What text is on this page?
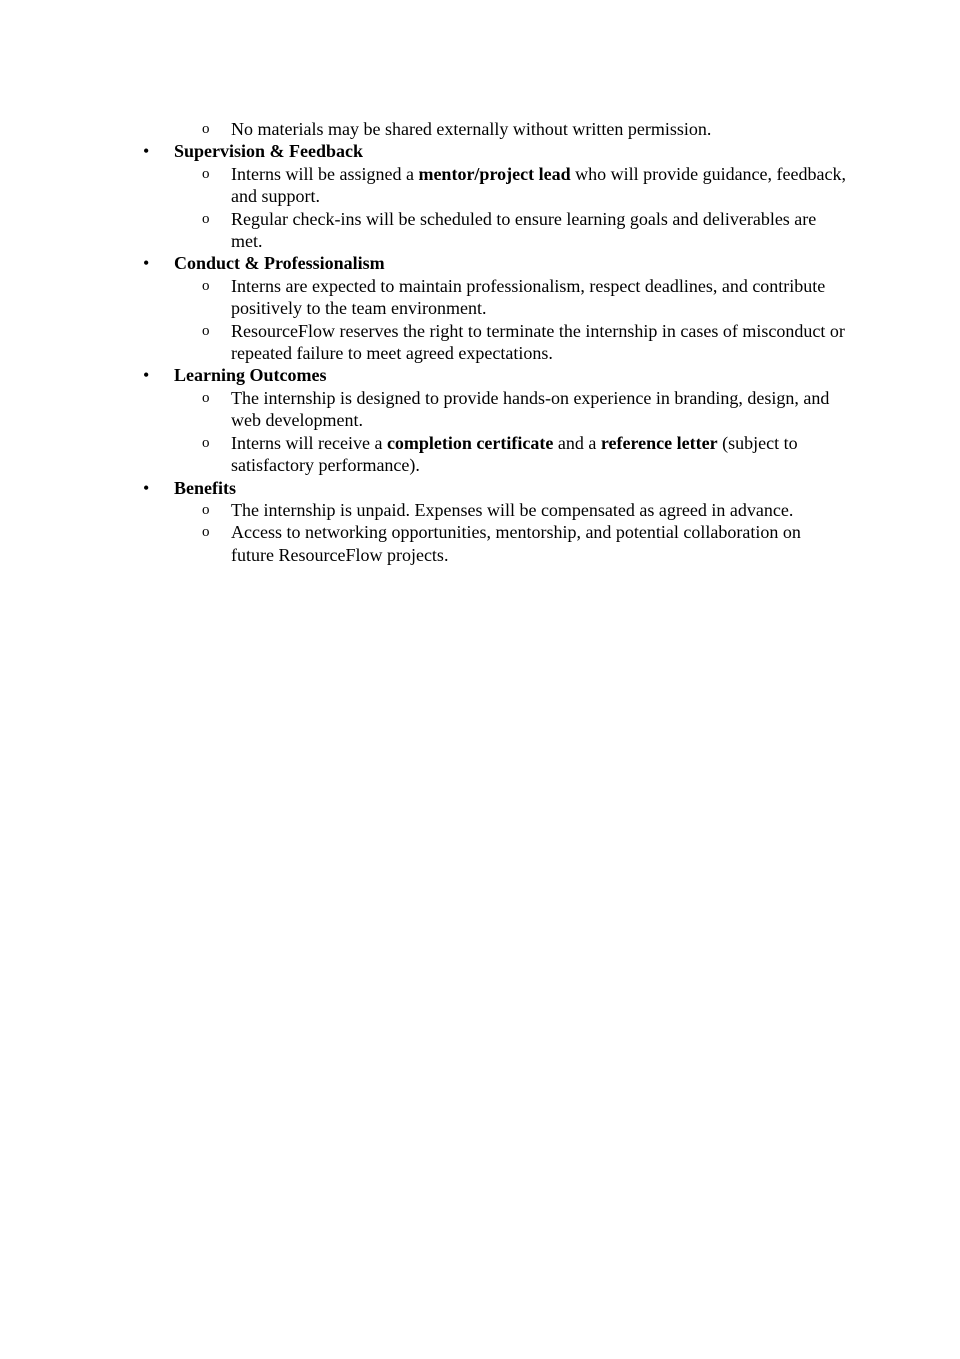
o No materials may be shared externally without written permission.
• Supervision & Feedback
o Interns will be assigned a mentor/project lead who will provide guidance, feedback, and support.
o Regular check-ins will be scheduled to ensure learning goals and deliverables are met.
• Conduct & Professionalism
o Interns are expected to maintain professionalism, respect deadlines, and contribute positively to the team environment.
o ResourceFlow reserves the right to terminate the internship in cases of misconduct or repeated failure to meet agreed expectations.
• Learning Outcomes
o The internship is designed to provide hands-on experience in branding, design, and web development.
o Interns will receive a completion certificate and a reference letter (subject to satisfactory performance).
• Benefits
o The internship is unpaid. Expenses will be compensated as agreed in advance.
o Access to networking opportunities, mentorship, and potential collaboration on future ResourceFlow projects.
